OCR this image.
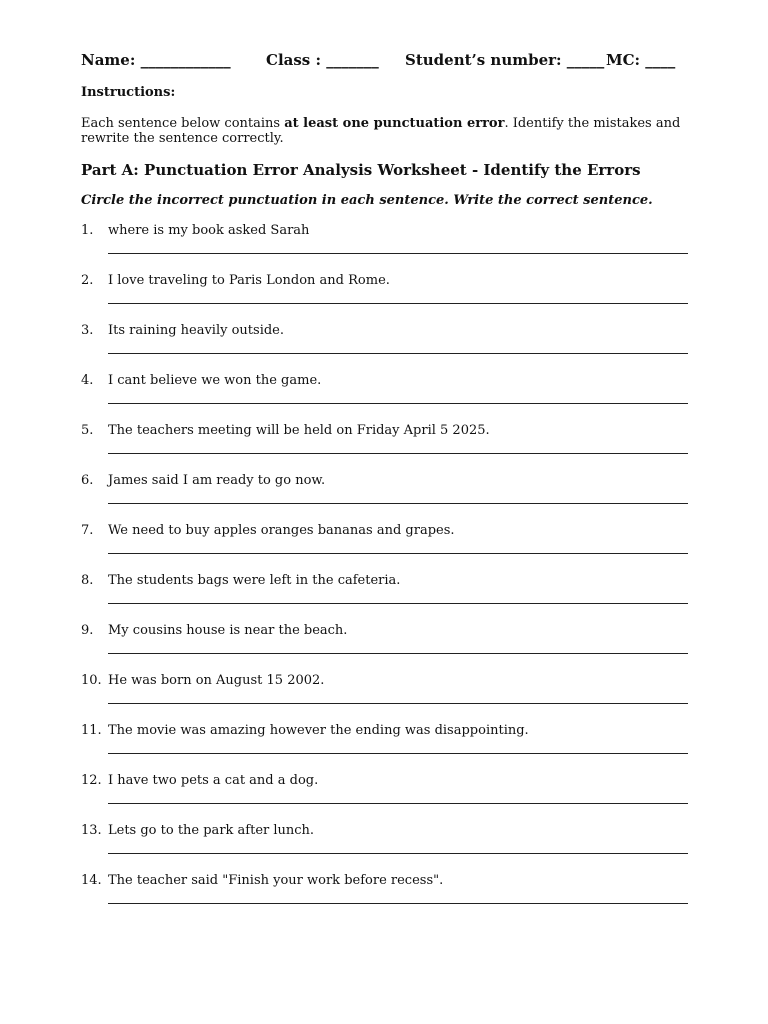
Name: ____________ Class : _______ Student’s number: _____ MC: ____
Instructions:
Each sentence below contains at least one punctuation error. Identify the mistakes and rewrite the sentence correctly.
Part A: Punctuation Error Analysis Worksheet - Identify the Errors
Circle the incorrect punctuation in each sentence. Write the correct sentence.
1. where is my book asked Sarah
2. I love traveling to Paris London and Rome.
3. Its raining heavily outside.
4. I cant believe we won the game.
5. The teachers meeting will be held on Friday April 5 2025.
6. James said I am ready to go now.
7. We need to buy apples oranges bananas and grapes.
8. The students bags were left in the cafeteria.
9. My cousins house is near the beach.
10. He was born on August 15 2002.
11. The movie was amazing however the ending was disappointing.
12. I have two pets a cat and a dog.
13. Lets go to the park after lunch.
14. The teacher said "Finish your work before recess".
